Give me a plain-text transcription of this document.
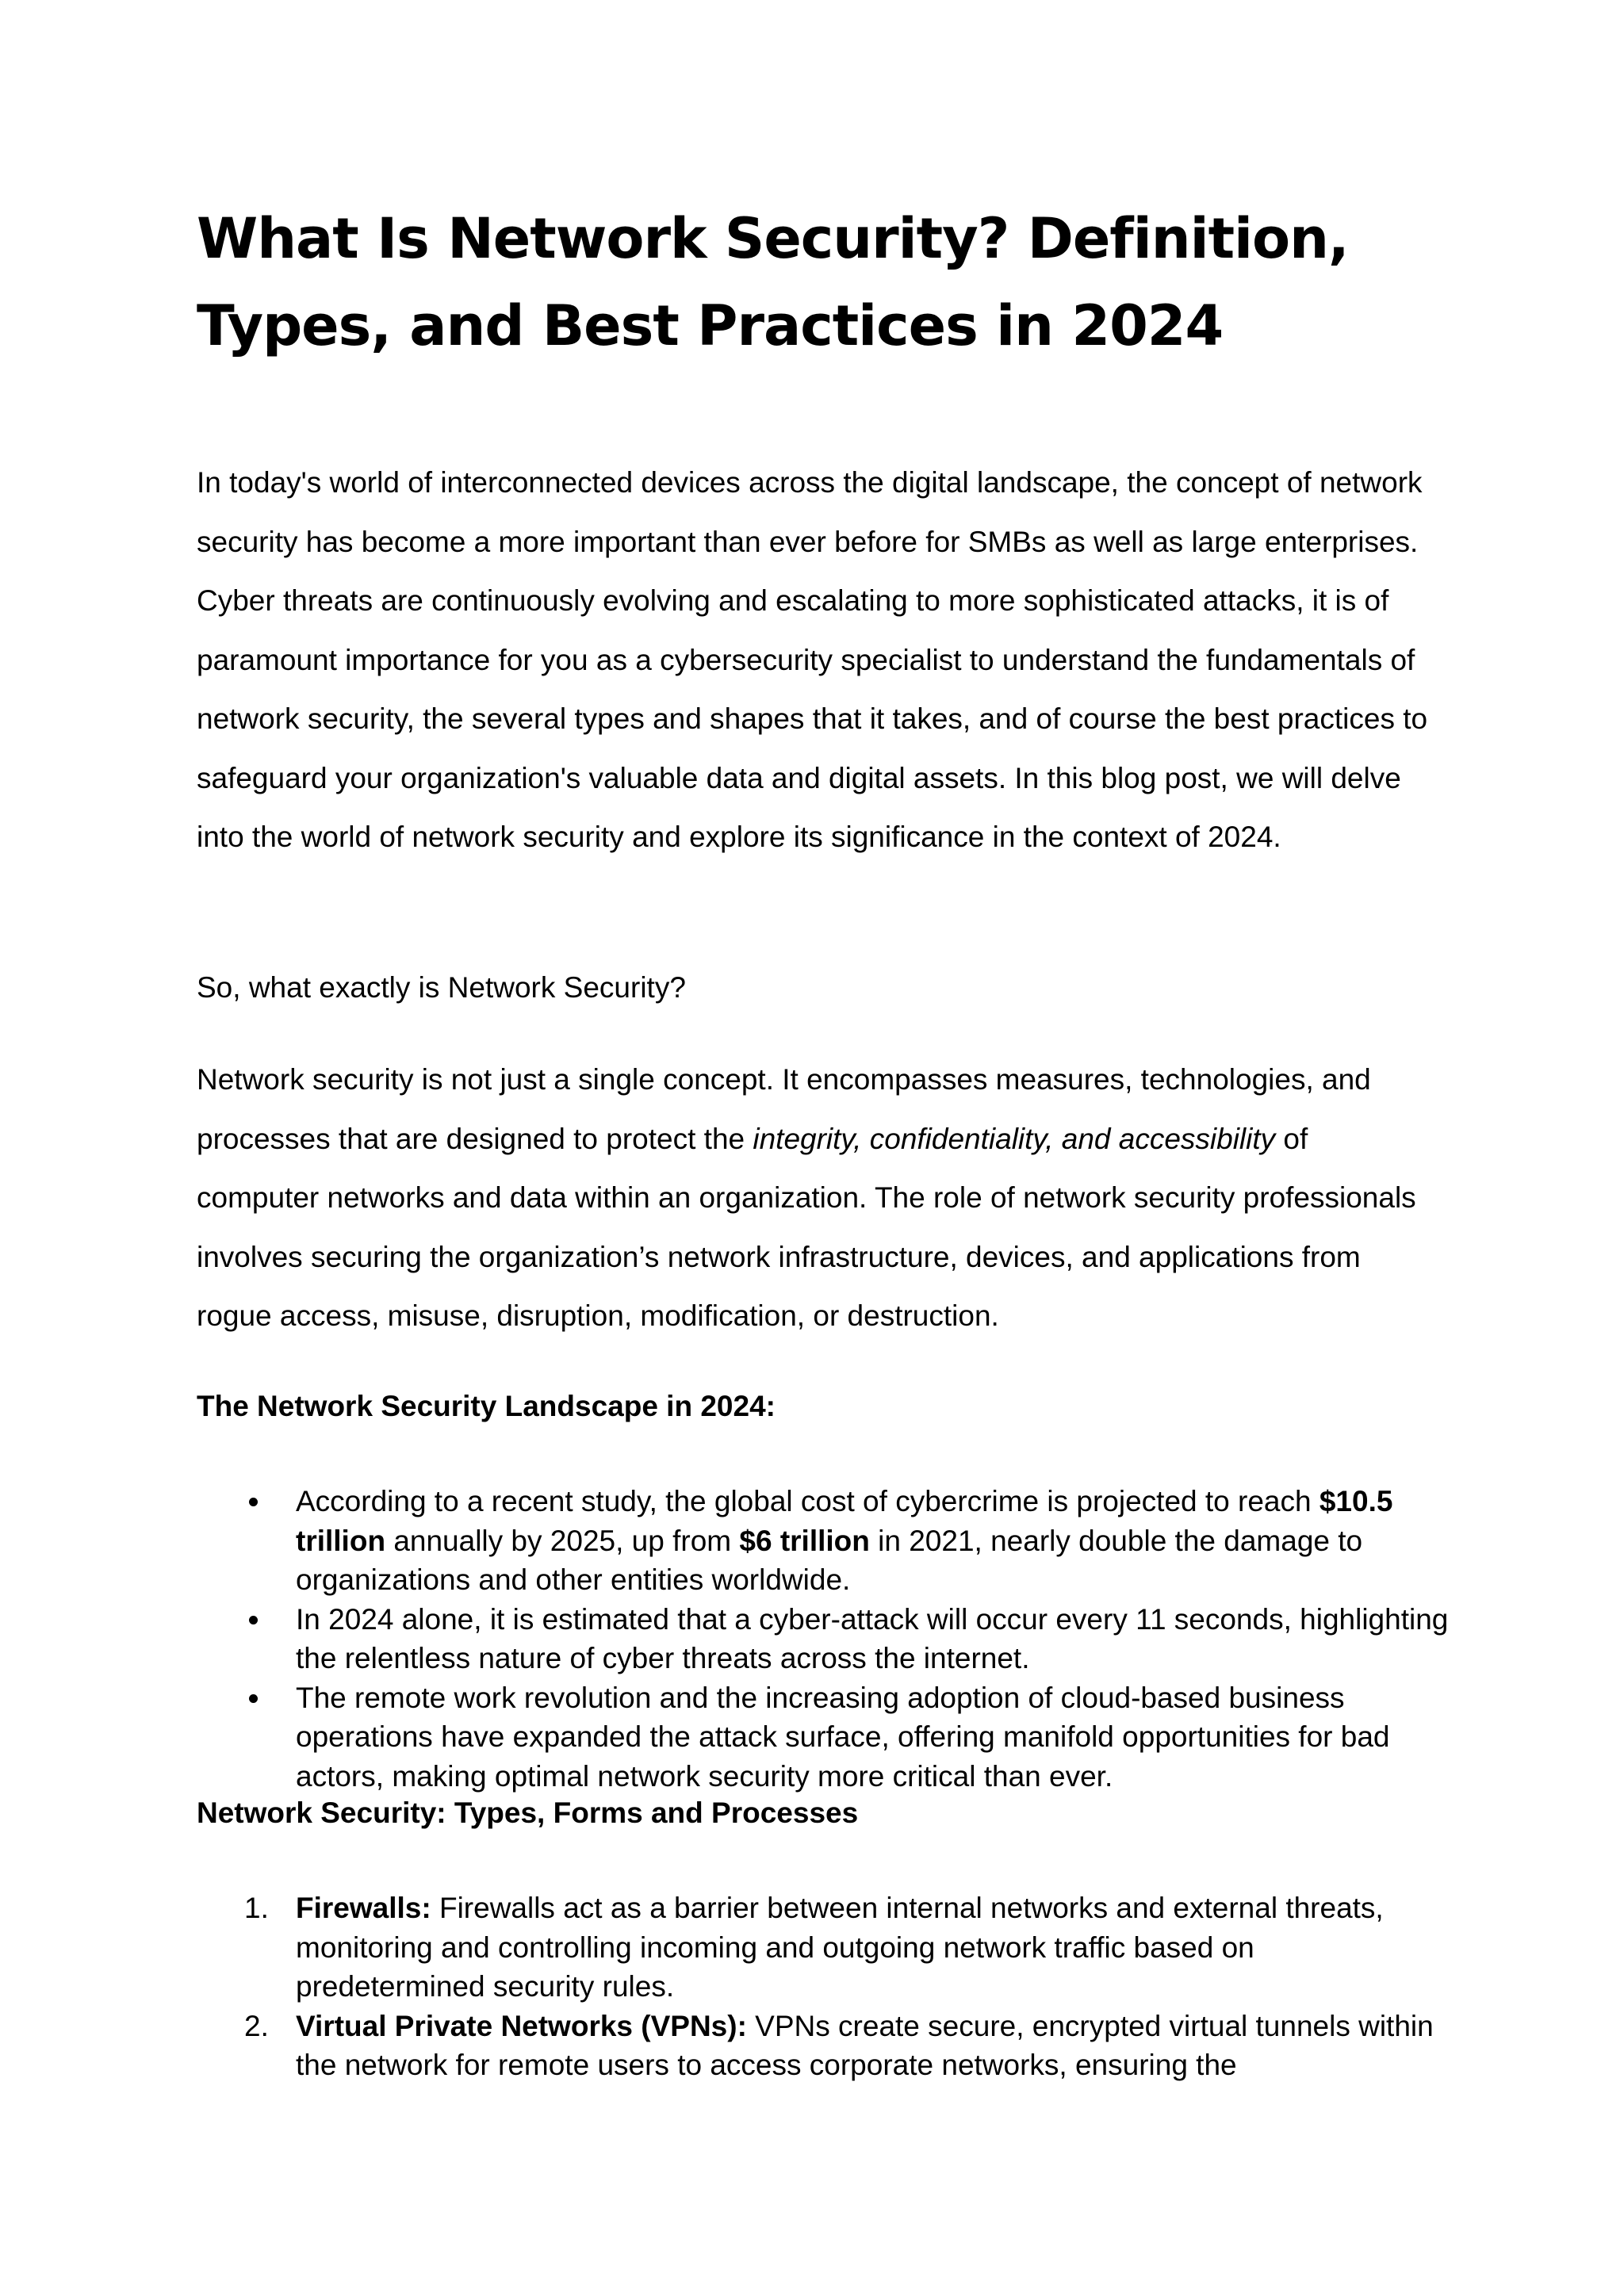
What Is Network Security? Definition, Types, and Best Practices in 2024

In today's world of interconnected devices across the digital landscape, the concept of network security has become a more important than ever before for SMBs as well as large enterprises. Cyber threats are continuously evolving and escalating to more sophisticated attacks, it is of paramount importance for you as a cybersecurity specialist to understand the fundamentals of network security, the several types and shapes that it takes, and of course the best practices to safeguard your organization's valuable data and digital assets. In this blog post, we will delve into the world of network security and explore its significance in the context of 2024.

So, what exactly is Network Security?

Network security is not just a single concept. It encompasses measures, technologies, and processes that are designed to protect the integrity, confidentiality, and accessibility of computer networks and data within an organization. The role of network security professionals involves securing the organization’s network infrastructure, devices, and applications from rogue access, misuse, disruption, modification, or destruction.

The Network Security Landscape in 2024:
According to a recent study, the global cost of cybercrime is projected to reach $10.5 trillion annually by 2025, up from $6 trillion in 2021, nearly double the damage to organizations and other entities worldwide.
In 2024 alone, it is estimated that a cyber-attack will occur every 11 seconds, highlighting the relentless nature of cyber threats across the internet.
The remote work revolution and the increasing adoption of cloud-based business operations have expanded the attack surface, offering manifold opportunities for bad actors, making optimal network security more critical than ever.
Network Security: Types, Forms and Processes
1. Firewalls: Firewalls act as a barrier between internal networks and external threats, monitoring and controlling incoming and outgoing network traffic based on predetermined security rules.
2. Virtual Private Networks (VPNs): VPNs create secure, encrypted virtual tunnels within the network for remote users to access corporate networks, ensuring the
